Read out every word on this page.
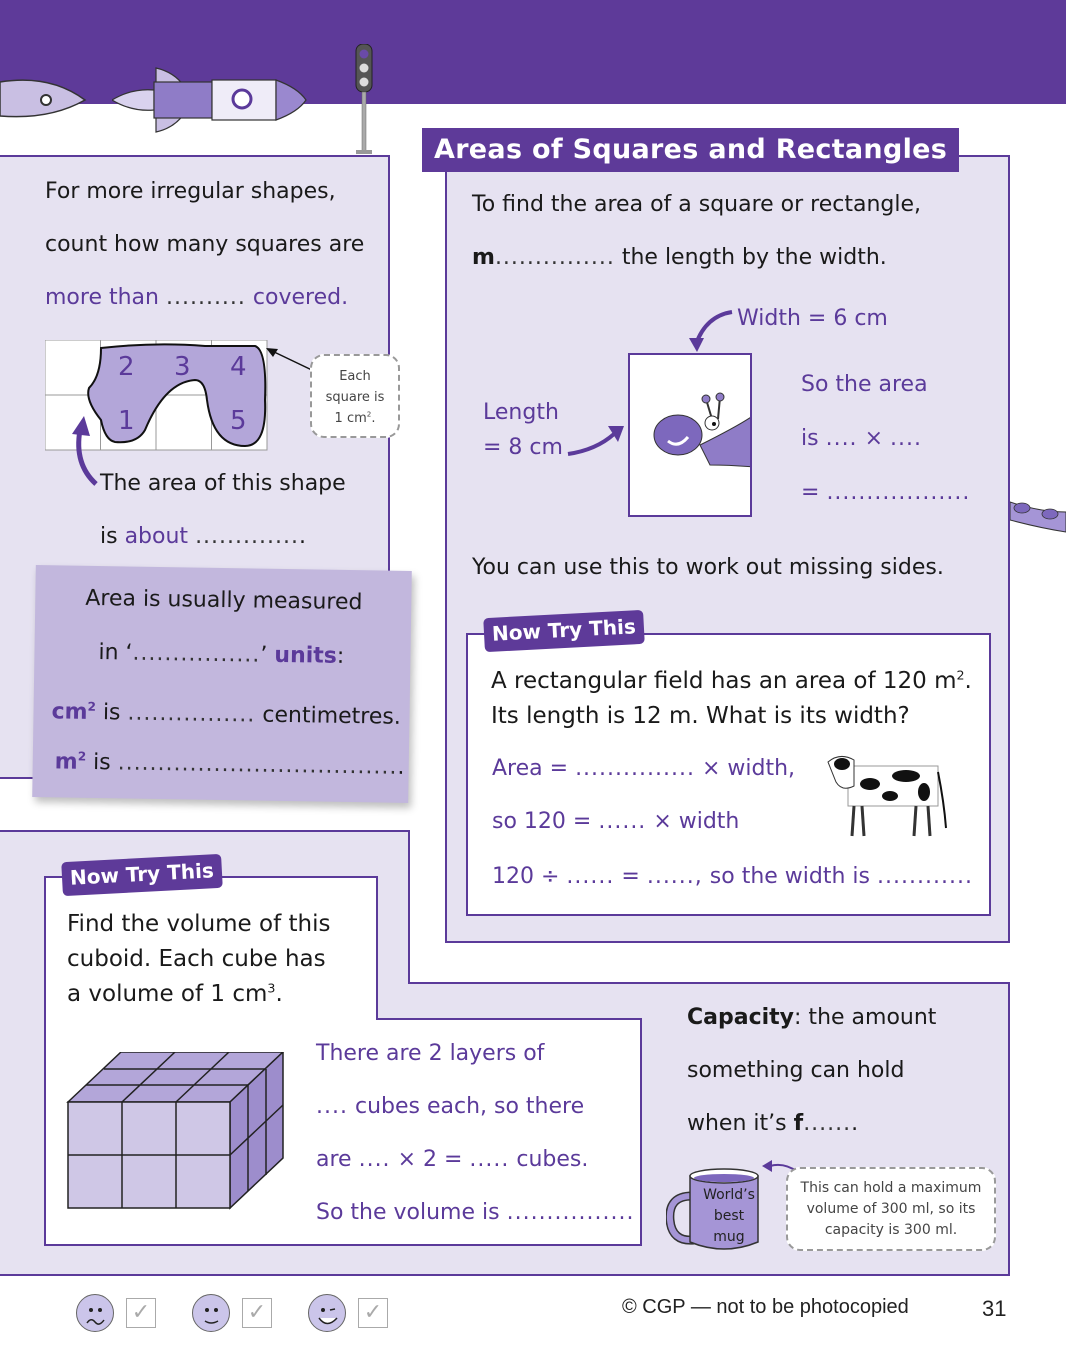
For more irregular shapes,
count how many squares are
more than .......... covered.
2 3 4
1	5
Each
square is
1 $cm^2$.
The area of this shape
is about ..............
Area is usually measured
in ‘................’ units:
$cm^2$ is ................ centimetres.
$m^2$ is ....................................
Areas of Squares and Rectangles
To find the area of a square or rectangle,
m............... the length by the width.
Width = 6 cm
Length
= 8 cm
So the area
is .... × ....
= ..................
You can use this to work out missing sides.
Now Try This
A rectangular field has an area of 120 $m^2$.
Its length is 12 m. What is its width?
Area = ............... × width,
so 120 = ...... × width
120 ÷ ...... = ......, so the width is ............
Now Try This
Find the volume of this
cuboid. Each cube has
a volume of 1 $cm^3$.
There are 2 layers of
.... cubes each, so there
are .... × 2 = ..... cubes.
So the volume is ................
Capacity: the amount
something can hold
when it’s f.......
World’s
best
mug
This can hold a maximum
volume of 300 ml, so its
capacity is 300 ml.
✓	✓	✓	© CGP — not to be photocopied	31
